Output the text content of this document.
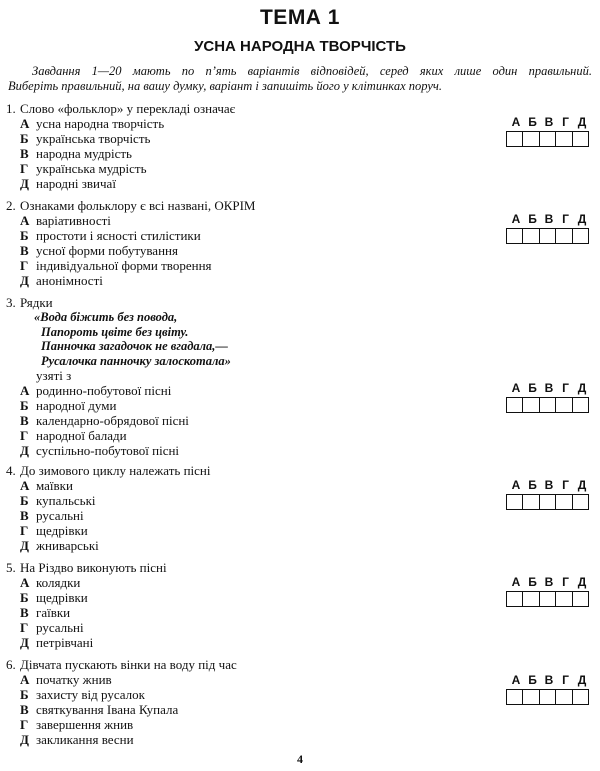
ТЕМА 1
УСНА НАРОДНА ТВОРЧІСТЬ
Завдання 1—20 мають по п’ять варіантів відповідей, серед яких лише один правильний.
Виберіть правильний, на вашу думку, варіант і запишіть його у клітинках поруч.
1. Слово «фольклор» у перекладі означає
А усна народна творчість
Б українська творчість
В народна мудрість
Г українська мудрість
Д народні звичаї
А Б В Г Д
2. Ознаками фольклору є всі названі, ОКРІМ
А варіативності
Б простоти і ясності стилістики
В усної форми побутування
Г індивідуальної форми творення
Д анонімності
А Б В Г Д
3. Рядки
«Вода біжить без повода,
Папороть цвіте без цвіту.
Панночка загадочок не вгадала,—
Русалочка панночку залоскотала»
узяті з
А родинно-побутової пісні
Б народної думи
В календарно-обрядової пісні
Г народної балади
Д суспільно-побутової пісні
А Б В Г Д
4. До зимового циклу належать пісні
А маївки
Б купальські
В русальні
Г щедрівки
Д жниварські
А Б В Г Д
5. На Різдво виконують пісні
А колядки
Б щедрівки
В гаївки
Г русальні
Д петрівчані
А Б В Г Д
6. Дівчата пускають вінки на воду під час
А початку жнив
Б захисту від русалок
В святкування Івана Купала
Г завершення жнив
Д закликання весни
А Б В Г Д
4
